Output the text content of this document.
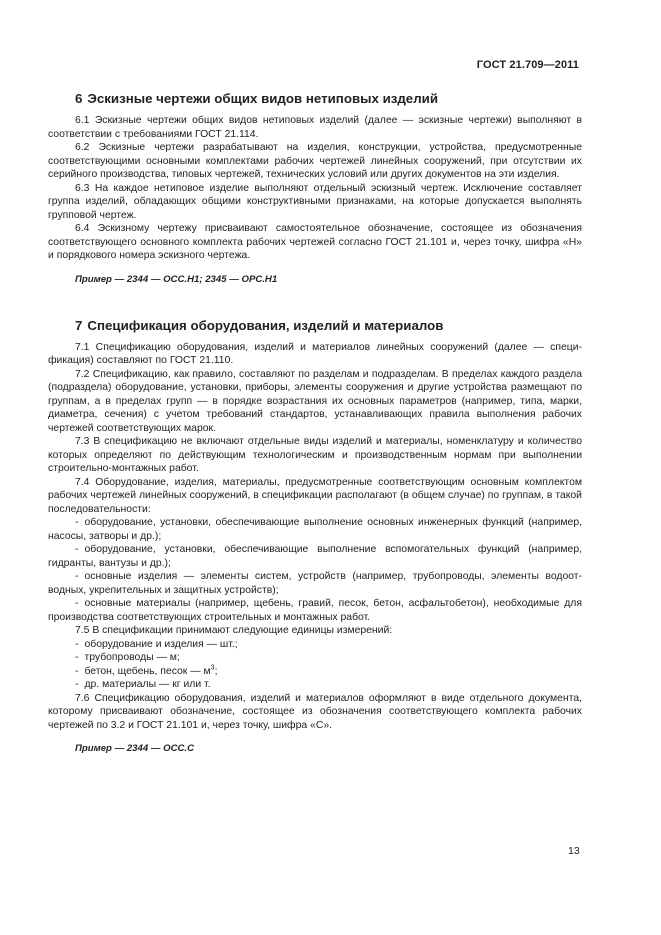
ГОСТ 21.709—2011
6 Эскизные чертежи общих видов нетиповых изделий

6.1 Эскизные чертежи общих видов нетиповых изделий (далее — эскизные чертежи) выполняют в соответствии с требованиями ГОСТ 21.114.

6.2 Эскизные чертежи разрабатывают на изделия, конструкции, устройства, предусмотренные соответствующими основными комплектами рабочих чертежей линейных сооружений, при отсутствии их серийного производства, типовых чертежей, технических условий или других документов на эти изделия.

6.3 На каждое нетиповое изделие выполняют отдельный эскизный чертеж. Исключение составляет группа изделий, обладающих общими конструктивными признаками, на которые допускается выполнять групповой чертеж.

6.4 Эскизному чертежу присваивают самостоятельное обозначение, состоящее из обозначения соответствующего основного комплекта рабочих чертежей согласно ГОСТ 21.101 и, через точку, шифра «Н» и порядкового номера эскизного чертежа.

Пример — 2344 — ОСС.Н1; 2345 — ОРС.Н1

7 Спецификация оборудования, изделий и материалов

7.1 Спецификацию оборудования, изделий и материалов линейных сооружений (далее — спецификация) составляют по ГОСТ 21.110.

7.2 Спецификацию, как правило, составляют по разделам и подразделам. В пределах каждого раздела (подраздела) оборудование, установки, приборы, элементы сооружения и другие устройства размещают по группам, а в пределах групп — в порядке возрастания их основных параметров (например, типа, марки, диаметра, сечения) с учетом требований стандартов, устанавливающих правила выполнения рабочих чертежей соответствующих марок.

7.3 В спецификацию не включают отдельные виды изделий и материалы, номенклатуру и количество которых определяют по действующим технологическим и производственным нормам при выполнении строительно-монтажных работ.

7.4 Оборудование, изделия, материалы, предусмотренные соответствующим основным комплектом рабочих чертежей линейных сооружений, в спецификации располагают (в общем случае) по группам, в такой последовательности:

- оборудование, установки, обеспечивающие выполнение основных инженерных функций (например, насосы, затворы и др.);

- оборудование, установки, обеспечивающие выполнение вспомогательных функций (например, гидранты, вантузы и др.);

- основные изделия — элементы систем, устройств (например, трубопроводы, элементы водоотводных, укрепительных и защитных устройств);

- основные материалы (например, щебень, гравий, песок, бетон, асфальтобетон), необходимые для производства соответствующих строительных и монтажных работ.

7.5 В спецификации принимают следующие единицы измерений:

- оборудование и изделия — шт.;

- трубопроводы — м;

- бетон, щебень, песок — $м^3$;

- др. материалы — кг или т.

7.6 Спецификацию оборудования, изделий и материалов оформляют в виде отдельного документа, которому присваивают обозначение, состоящее из обозначения соответствующего комплекта рабочих чертежей по 3.2 и ГОСТ 21.101 и, через точку, шифра «С».

Пример — 2344 — ОСС.С

13
